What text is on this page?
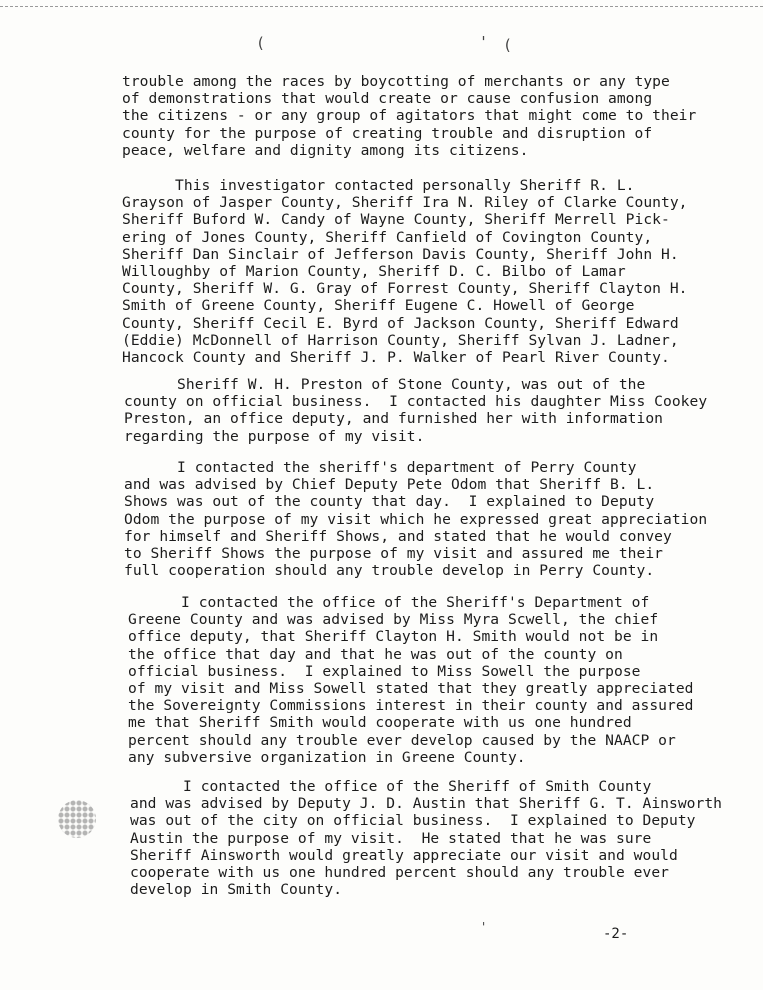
(	' (

trouble among the races by boycotting of merchants or any type
of demonstrations that would create or cause confusion among
the citizens - or any group of agitators that might come to their
county for the purpose of creating trouble and disruption of
peace, welfare and dignity among its citizens.

This investigator contacted personally Sheriff R. L.
Grayson of Jasper County, Sheriff Ira N. Riley of Clarke County,
Sheriff Buford W. Candy of Wayne County, Sheriff Merrell Pick-
ering of Jones County, Sheriff Canfield of Covington County,
Sheriff Dan Sinclair of Jefferson Davis County, Sheriff John H.
Willoughby of Marion County, Sheriff D. C. Bilbo of Lamar
County, Sheriff W. G. Gray of Forrest County, Sheriff Clayton H.
Smith of Greene County, Sheriff Eugene C. Howell of George
County, Sheriff Cecil E. Byrd of Jackson County, Sheriff Edward
(Eddie) McDonnell of Harrison County, Sheriff Sylvan J. Ladner,
Hancock County and Sheriff J. P. Walker of Pearl River County.

Sheriff W. H. Preston of Stone County, was out of the
county on official business.  I contacted his daughter Miss Cookey
Preston, an office deputy, and furnished her with information
regarding the purpose of my visit.

I contacted the sheriff's department of Perry County
and was advised by Chief Deputy Pete Odom that Sheriff B. L.
Shows was out of the county that day.  I explained to Deputy
Odom the purpose of my visit which he expressed great appreciation
for himself and Sheriff Shows, and stated that he would convey
to Sheriff Shows the purpose of my visit and assured me their
full cooperation should any trouble develop in Perry County.

I contacted the office of the Sheriff's Department of
Greene County and was advised by Miss Myra Scwell, the chief
office deputy, that Sheriff Clayton H. Smith would not be in
the office that day and that he was out of the county on
official business.  I explained to Miss Sowell the purpose
of my visit and Miss Sowell stated that they greatly appreciated
the Sovereignty Commissions interest in their county and assured
me that Sheriff Smith would cooperate with us one hundred
percent should any trouble ever develop caused by the NAACP or
any subversive organization in Greene County.

I contacted the office of the Sheriff of Smith County
and was advised by Deputy J. D. Austin that Sheriff G. T. Ainsworth
was out of the city on official business.  I explained to Deputy
Austin the purpose of my visit.  He stated that he was sure
Sheriff Ainsworth would greatly appreciate our visit and would
cooperate with us one hundred percent should any trouble ever
develop in Smith County.

'	-2-
